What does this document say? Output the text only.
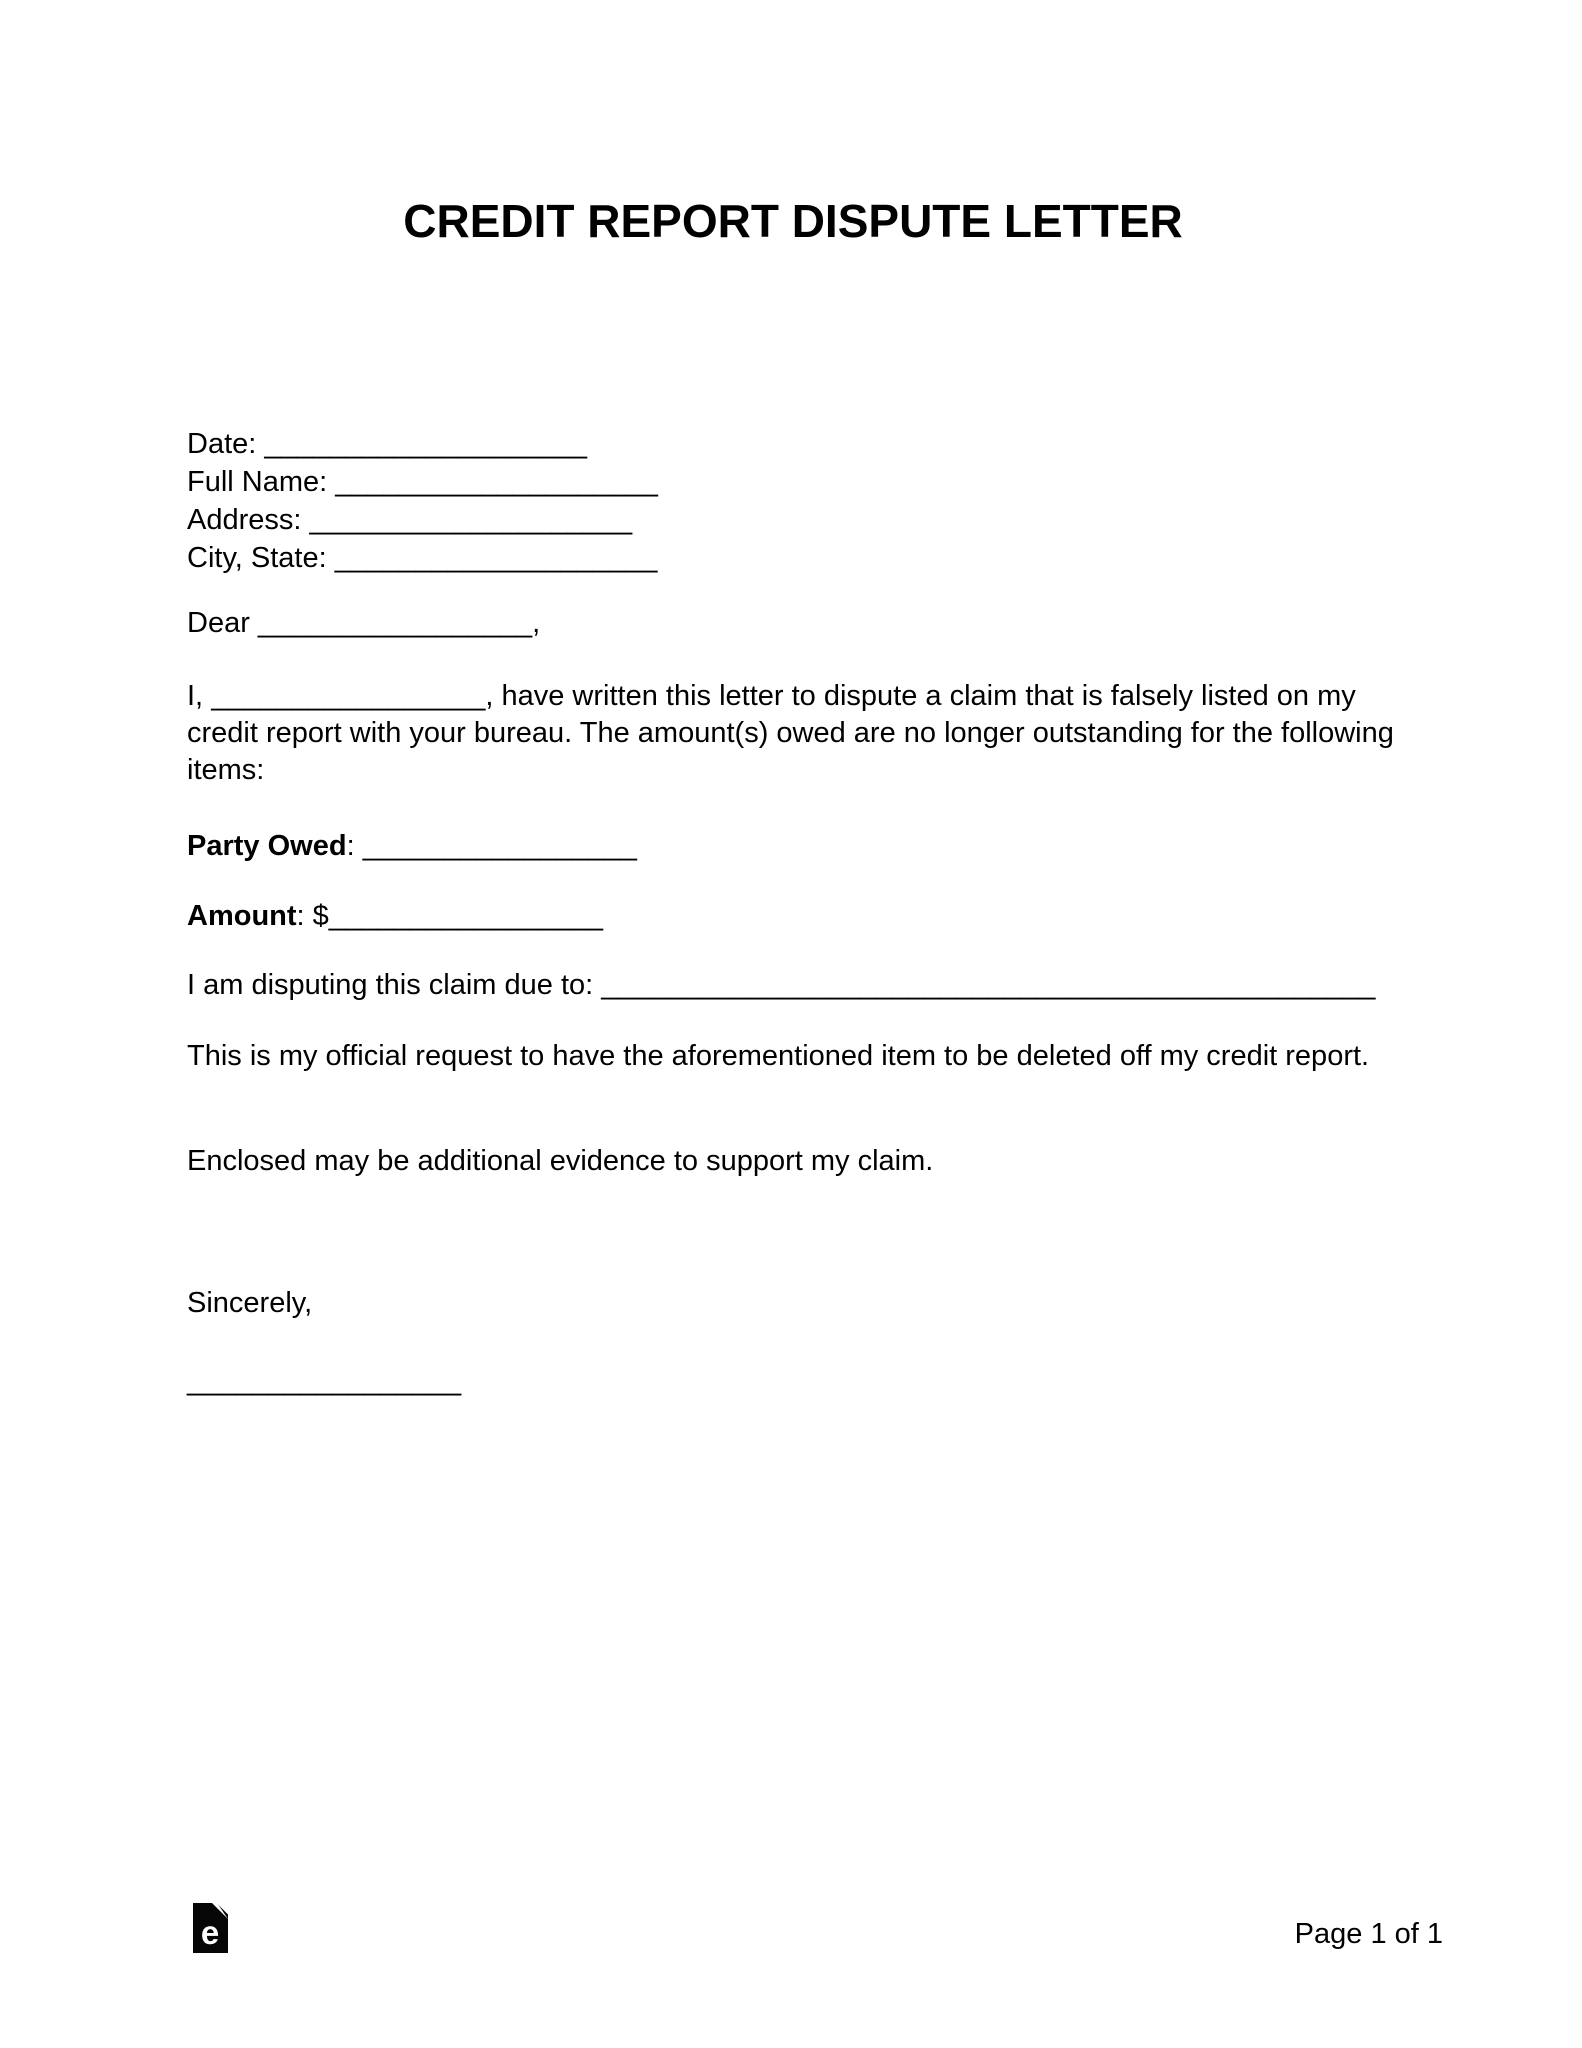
CREDIT REPORT DISPUTE LETTER
Date: ____________________
Full Name: ____________________
Address: ____________________
City, State: ____________________
Dear _________________,
I, _________________, have written this letter to dispute a claim that is falsely listed on my credit report with your bureau. The amount(s) owed are no longer outstanding for the following items:
Party Owed: _________________
Amount: $_________________
I am disputing this claim due to: ________________________________________________
This is my official request to have the aforementioned item to be deleted off my credit report.
Enclosed may be additional evidence to support my claim.
Sincerely,
_________________
e	Page 1 of 1
